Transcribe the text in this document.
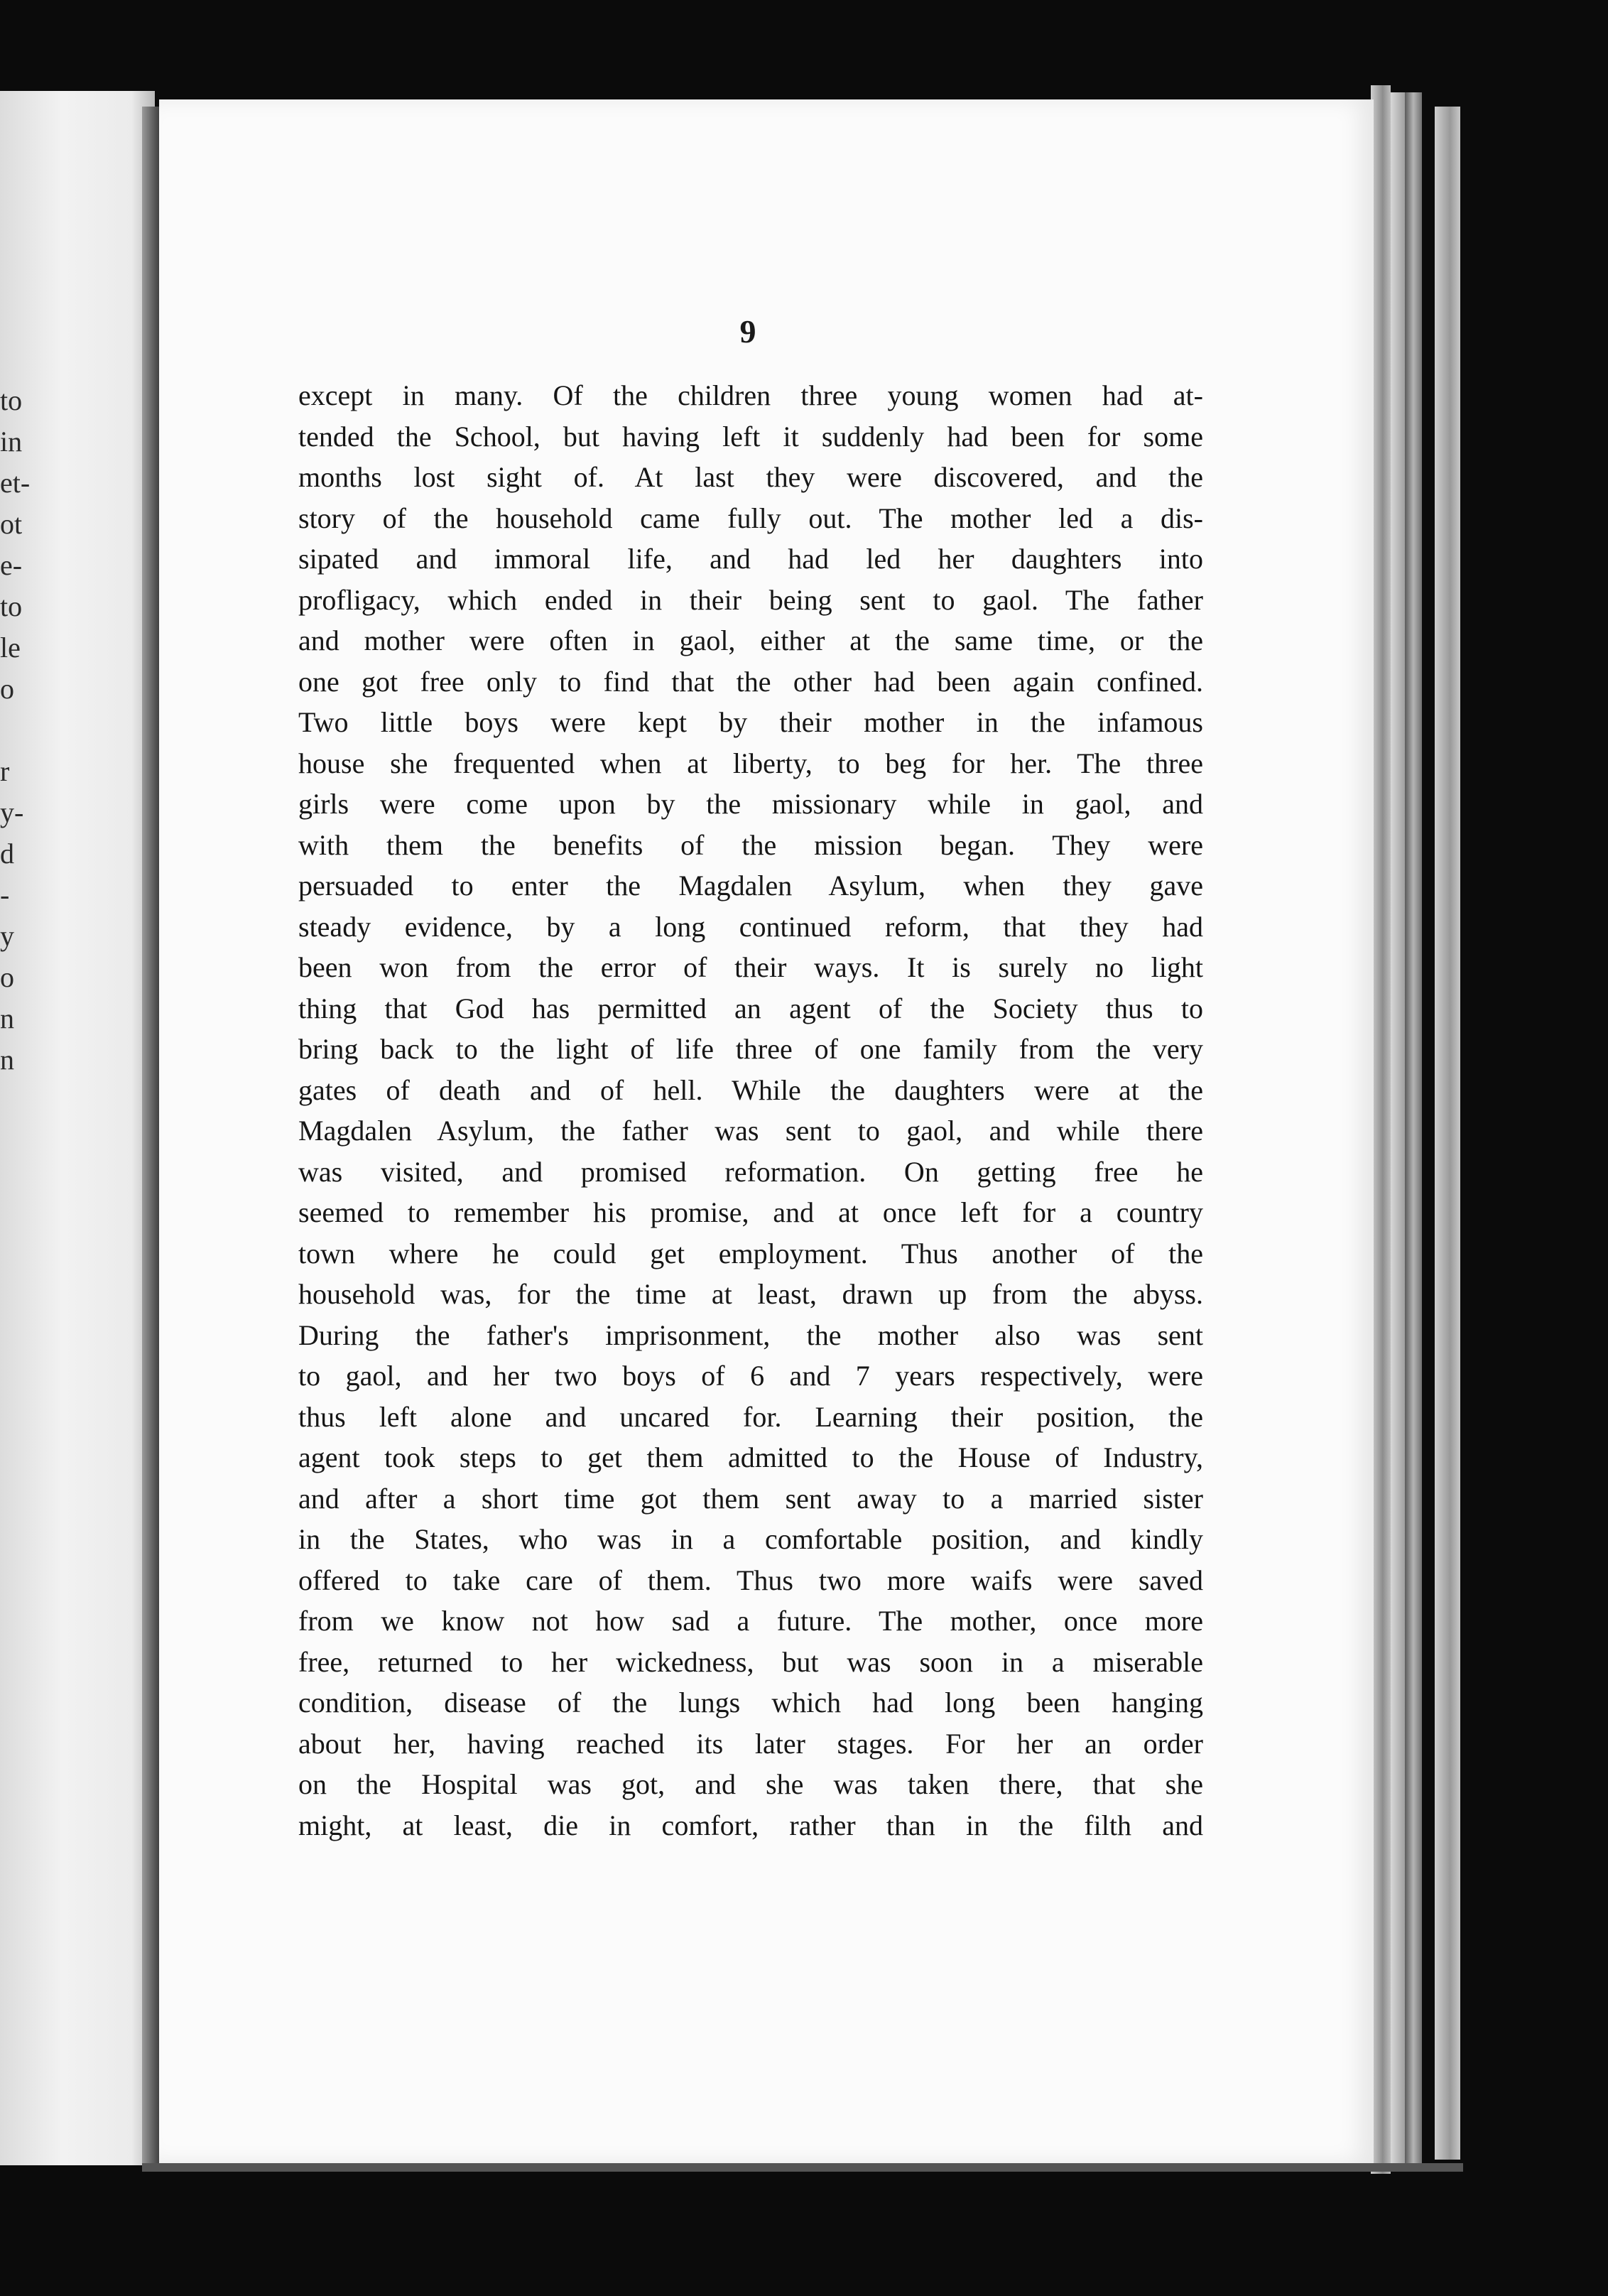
to
in
et-
ot
e-
to
le
o
r
y-
d
-
y
o
n
n
9
except in many. Of the children three young women had at-
tended the School, but having left it suddenly had been for some
months lost sight of. At last they were discovered, and the
story of the household came fully out. The mother led a dis-
sipated and immoral life, and had led her daughters into
profligacy, which ended in their being sent to gaol. The father
and mother were often in gaol, either at the same time, or the
one got free only to find that the other had been again confined.
Two little boys were kept by their mother in the infamous
house she frequented when at liberty, to beg for her. The three
girls were come upon by the missionary while in gaol, and
with them the benefits of the mission began. They were
persuaded to enter the Magdalen Asylum, when they gave
steady evidence, by a long continued reform, that they had
been won from the error of their ways. It is surely no light
thing that God has permitted an agent of the Society thus to
bring back to the light of life three of one family from the very
gates of death and of hell. While the daughters were at the
Magdalen Asylum, the father was sent to gaol, and while there
was visited, and promised reformation. On getting free he
seemed to remember his promise, and at once left for a country
town where he could get employment. Thus another of the
household was, for the time at least, drawn up from the abyss.
During the father's imprisonment, the mother also was sent
to gaol, and her two boys of 6 and 7 years respectively, were
thus left alone and uncared for. Learning their position, the
agent took steps to get them admitted to the House of Industry,
and after a short time got them sent away to a married sister
in the States, who was in a comfortable position, and kindly
offered to take care of them. Thus two more waifs were saved
from we know not how sad a future. The mother, once more
free, returned to her wickedness, but was soon in a miserable
condition, disease of the lungs which had long been hanging
about her, having reached its later stages. For her an order
on the Hospital was got, and she was taken there, that she
might, at least, die in comfort, rather than in the filth and
